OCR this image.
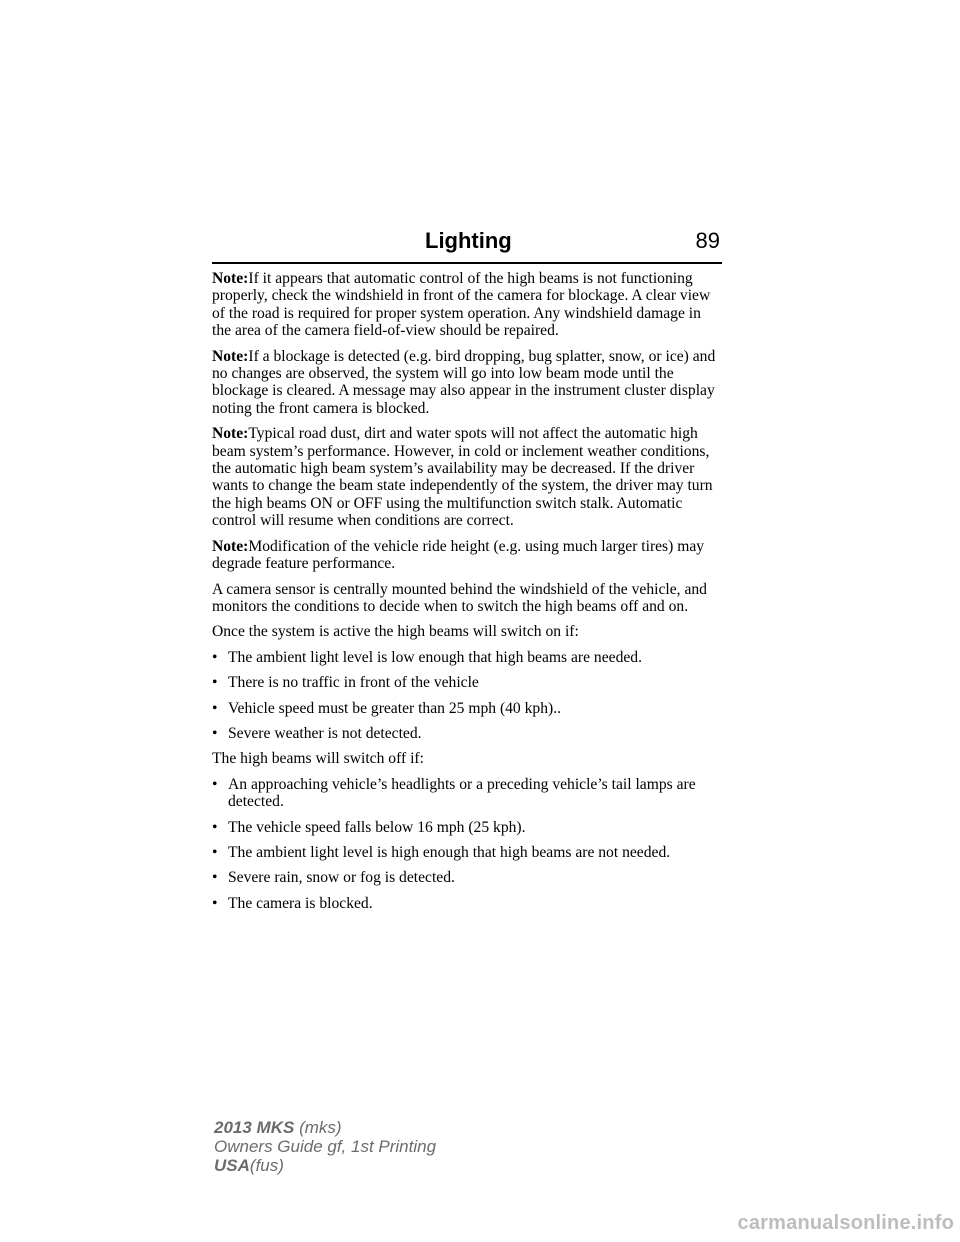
Lighting	89

Note:If it appears that automatic control of the high beams is not functioning properly, check the windshield in front of the camera for blockage. A clear view of the road is required for proper system operation. Any windshield damage in the area of the camera field-of-view should be repaired.

Note:If a blockage is detected (e.g. bird dropping, bug splatter, snow, or ice) and no changes are observed, the system will go into low beam mode until the blockage is cleared. A message may also appear in the instrument cluster display noting the front camera is blocked.

Note:Typical road dust, dirt and water spots will not affect the automatic high beam system’s performance. However, in cold or inclement weather conditions, the automatic high beam system’s availability may be decreased. If the driver wants to change the beam state independently of the system, the driver may turn the high beams ON or OFF using the multifunction switch stalk. Automatic control will resume when conditions are correct.

Note:Modification of the vehicle ride height (e.g. using much larger tires) may degrade feature performance.

A camera sensor is centrally mounted behind the windshield of the vehicle, and monitors the conditions to decide when to switch the high beams off and on.

Once the system is active the high beams will switch on if:

• The ambient light level is low enough that high beams are needed.
• There is no traffic in front of the vehicle
• Vehicle speed must be greater than 25 mph (40 kph)..
• Severe weather is not detected.

The high beams will switch off if:

• An approaching vehicle’s headlights or a preceding vehicle’s tail lamps are detected.
• The vehicle speed falls below 16 mph (25 kph).
• The ambient light level is high enough that high beams are not needed.
• Severe rain, snow or fog is detected.
• The camera is blocked.
2013 MKS (mks)
Owners Guide gf, 1st Printing
USA(fus)
carmanualsonline.info
